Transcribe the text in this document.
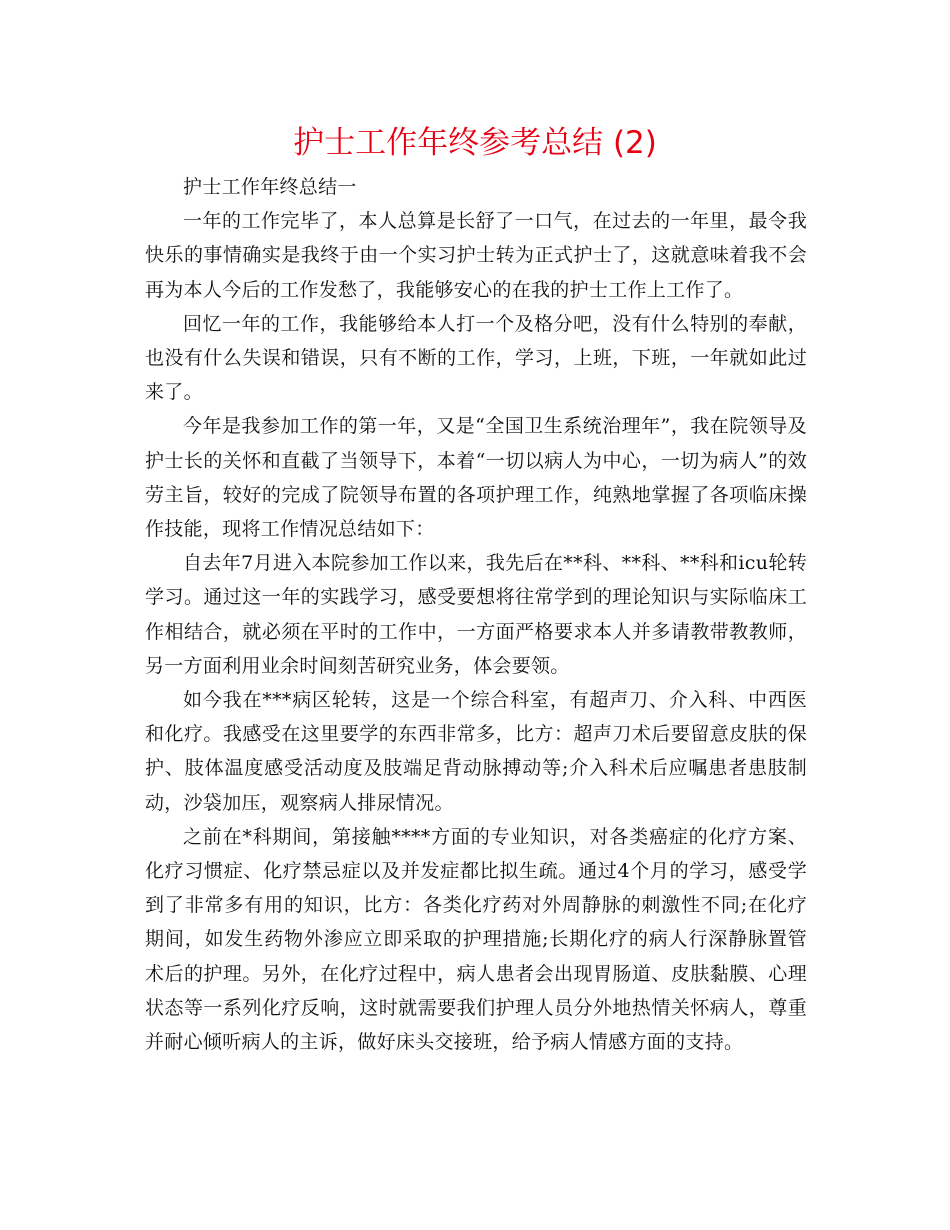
护士工作年终参考总结 (2)

护士工作年终总结一

一年的工作完毕了，本人总算是长舒了一口气，在过去的一年里，最令我快乐的事情确实是我终于由一个实习护士转为正式护士了，这就意味着我不会再为本人今后的工作发愁了，我能够安心的在我的护士工作上工作了。

回忆一年的工作，我能够给本人打一个及格分吧，没有什么特别的奉献，也没有什么失误和错误，只有不断的工作，学习，上班，下班，一年就如此过来了。

今年是我参加工作的第一年，又是“全国卫生系统治理年”，我在院领导及护士长的关怀和直截了当领导下，本着“一切以病人为中心，一切为病人”的效劳主旨，较好的完成了院领导布置的各项护理工作，纯熟地掌握了各项临床操作技能，现将工作情况总结如下：

自去年7月进入本院参加工作以来，我先后在**科、**科、**科和icu轮转学习。通过这一年的实践学习，感受要想将往常学到的理论知识与实际临床工作相结合，就必须在平时的工作中，一方面严格要求本人并多请教带教教师，另一方面利用业余时间刻苦研究业务，体会要领。

如今我在***病区轮转，这是一个综合科室，有超声刀、介入科、中西医和化疗。我感受在这里要学的东西非常多，比方：超声刀术后要留意皮肤的保护、肢体温度感受活动度及肢端足背动脉搏动等;介入科术后应嘱患者患肢制动，沙袋加压，观察病人排尿情况。

之前在*科期间，第接触****方面的专业知识，对各类癌症的化疗方案、化疗习惯症、化疗禁忌症以及并发症都比拟生疏。通过4个月的学习，感受学到了非常多有用的知识，比方：各类化疗药对外周静脉的刺激性不同;在化疗期间，如发生药物外渗应立即采取的护理措施;长期化疗的病人行深静脉置管术后的护理。另外，在化疗过程中，病人患者会出现胃肠道、皮肤黏膜、心理状态等一系列化疗反响，这时就需要我们护理人员分外地热情关怀病人，尊重并耐心倾听病人的主诉，做好床头交接班，给予病人情感方面的支持。
